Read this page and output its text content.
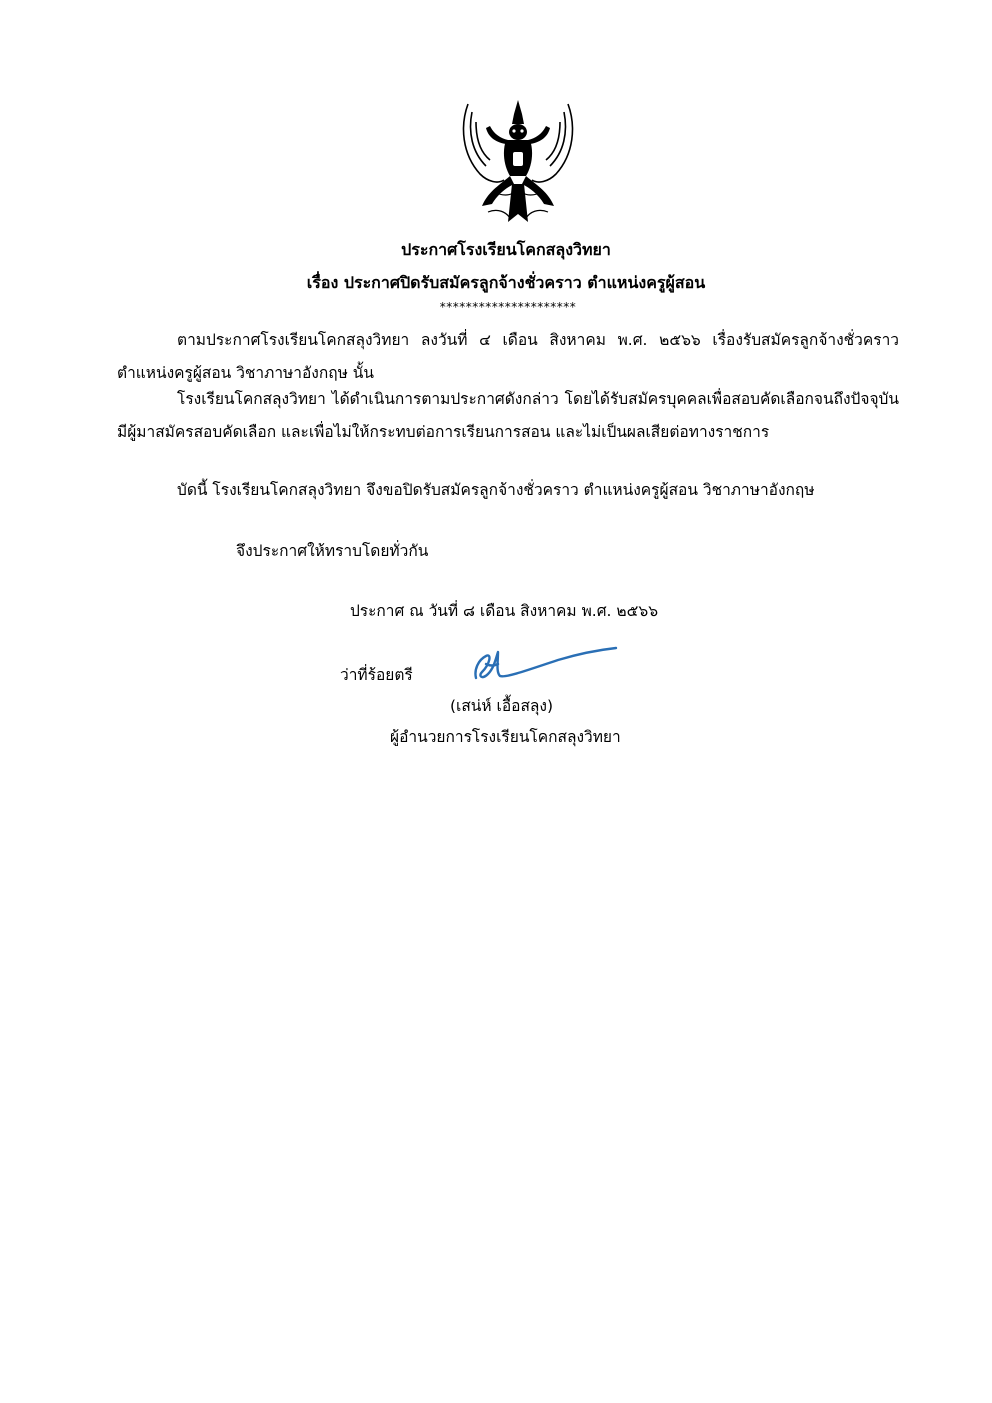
ประกาศโรงเรียนโคกสลุงวิทยา
เรื่อง ประกาศปิดรับสมัครลูกจ้างชั่วคราว ตำแหน่งครูผู้สอน
*********************
ตามประกาศโรงเรียนโคกสลุงวิทยา ลงวันที่ ๔ เดือน สิงหาคม พ.ศ. ๒๕๖๖ เรื่องรับสมัครลูกจ้างชั่วคราว ตำแหน่งครูผู้สอน วิชาภาษาอังกฤษ นั้น
โรงเรียนโคกสลุงวิทยา ได้ดำเนินการตามประกาศดังกล่าว โดยได้รับสมัครบุคคลเพื่อสอบคัดเลือกจนถึงปัจจุบัน มีผู้มาสมัครสอบคัดเลือก และเพื่อไม่ให้กระทบต่อการเรียนการสอน และไม่เป็นผลเสียต่อทางราชการ
บัดนี้ โรงเรียนโคกสลุงวิทยา จึงขอปิดรับสมัครลูกจ้างชั่วคราว ตำแหน่งครูผู้สอน วิชาภาษาอังกฤษ
จึงประกาศให้ทราบโดยทั่วกัน
ประกาศ ณ วันที่ ๘ เดือน สิงหาคม พ.ศ. ๒๕๖๖
ว่าที่ร้อยตรี
(เสน่ห์ เอื้อสลุง)
ผู้อำนวยการโรงเรียนโคกสลุงวิทยา
